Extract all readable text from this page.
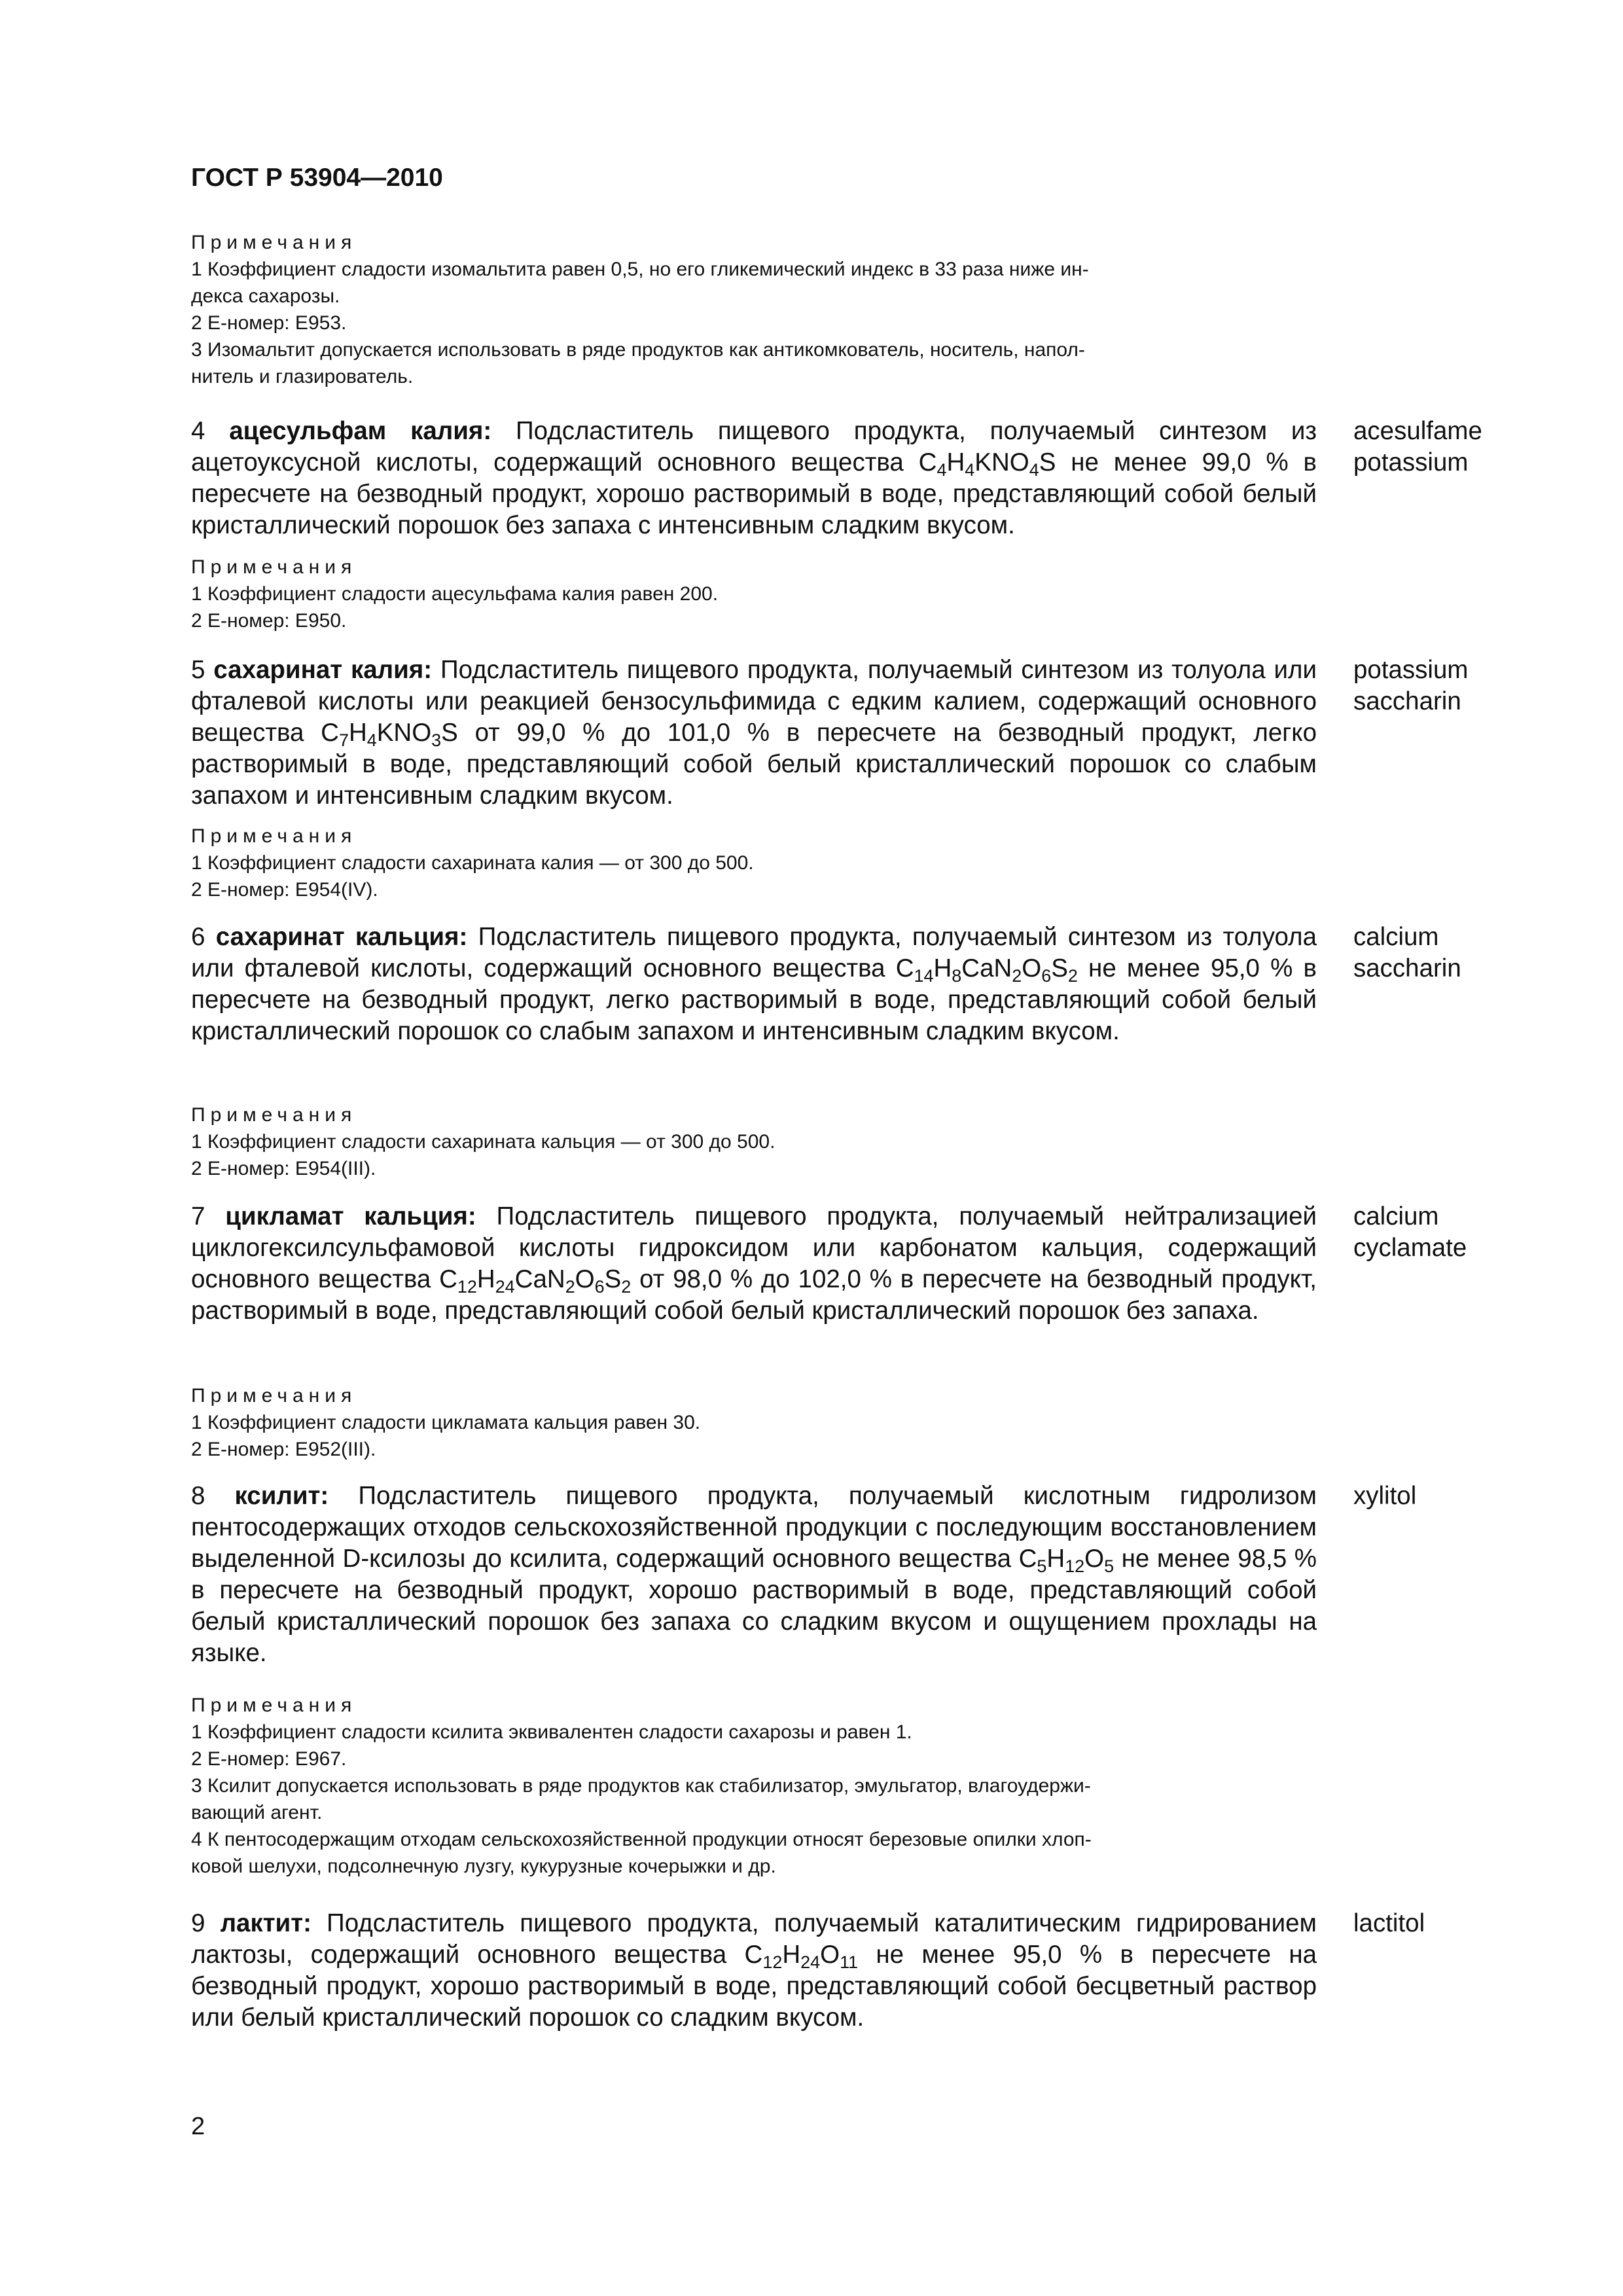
ГОСТ Р 53904—2010

Примечания

1 Коэффициент сладости изомальтита равен 0,5, но его гликемический индекс в 33 раза ниже ин-

декса сахарозы.

2 Е-номер: Е953.

3 Изомальтит допускается использовать в ряде продуктов как антикомкователь, носитель, напол-

нитель и глазирователь.

4 ацесульфам калия: Подсластитель пищевого продукта, получаемый синтезом из ацетоуксусной кислоты, содержащий основного вещества $C_4H_4KNO_4S$ не менее 99,0 % в пересчете на безводный продукт, хорошо растворимый в воде, представляющий собой белый кристаллический порошок без запаха с интенсивным сладким вкусом.

acesulfame
potassium

Примечания

1 Коэффициент сладости ацесульфама калия равен 200.

2 Е-номер: Е950.

5 сахаринат калия: Подсластитель пищевого продукта, получаемый синтезом из толуола или фталевой кислоты или реакцией бензосульфимида с едким калием, содержащий основного вещества $C_7H_4KNO_3S$ от 99,0 % до 101,0 % в пересчете на безводный продукт, легко растворимый в воде, представляющий собой белый кристаллический порошок со слабым запахом и интенсивным сладким вкусом.

potassium
saccharin

Примечания

1 Коэффициент сладости сахарината калия — от 300 до 500.

2 Е-номер: Е954(IV).

6 сахаринат кальция: Подсластитель пищевого продукта, получаемый синтезом из толуола или фталевой кислоты, содержащий основного вещества $C_{14}H_8CaN_2O_6S_2$ не менее 95,0 % в пересчете на безводный продукт, легко растворимый в воде, представляющий собой белый кристаллический порошок со слабым запахом и интенсивным сладким вкусом.

calcium
saccharin

Примечания

1 Коэффициент сладости сахарината кальция — от 300 до 500.

2 Е-номер: Е954(III).

7 цикламат кальция: Подсластитель пищевого продукта, получаемый нейтрализацией циклогексилсульфамовой кислоты гидроксидом или карбонатом кальция, содержащий основного вещества $C_{12}H_{24}CaN_2O_6S_2$ от 98,0 % до 102,0 % в пересчете на безводный продукт, растворимый в воде, представляющий собой белый кристаллический порошок без запаха.

calcium
cyclamate

Примечания

1 Коэффициент сладости цикламата кальция равен 30.

2 Е-номер: Е952(III).

8 ксилит: Подсластитель пищевого продукта, получаемый кислотным гидролизом пентосодержащих отходов сельскохозяйственной продукции с последующим восстановлением выделенной D-ксилозы до ксилита, содержащий основного вещества $C_5H_{12}O_5$ не менее 98,5 % в пересчете на безводный продукт, хорошо растворимый в воде, представляющий собой белый кристаллический порошок без запаха со сладким вкусом и ощущением прохлады на языке.

xylitol

Примечания

1 Коэффициент сладости ксилита эквивалентен сладости сахарозы и равен 1.

2 Е-номер: Е967.

3 Ксилит допускается использовать в ряде продуктов как стабилизатор, эмульгатор, влагоудержи-

вающий агент.

4 К пентосодержащим отходам сельскохозяйственной продукции относят березовые опилки хлоп-

ковой шелухи, подсолнечную лузгу, кукурузные кочерыжки и др.

9 лактит: Подсластитель пищевого продукта, получаемый каталитическим гидрированием лактозы, содержащий основного вещества $C_{12}H_{24}O_{11}$ не менее 95,0 % в пересчете на безводный продукт, хорошо растворимый в воде, представляющий собой бесцветный раствор или белый кристаллический порошок со сладким вкусом.

lactitol
2
